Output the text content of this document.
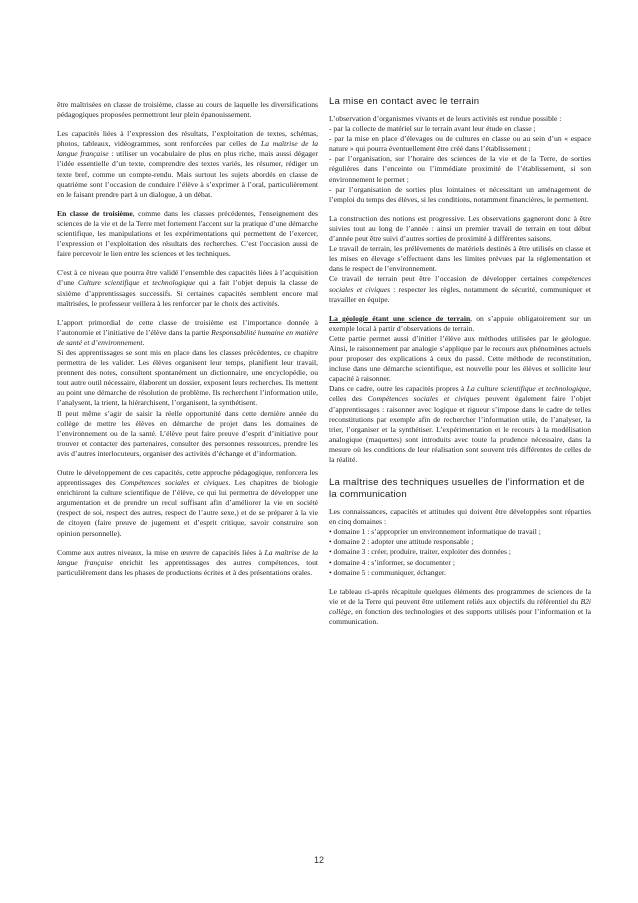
être maîtrisées en classe de troisième, classe au cours de laquelle les diversifications pédagogiques proposées permettront leur plein épanouissement.

Les capacités liées à l’expression des résultats, l’exploitation de textes, schémas, photos, tableaux, vidéogrammes, sont renforcées par celles de La maîtrise de la langue française : utiliser un vocabulaire de plus en plus riche, mais aussi dégager l’idée essentielle d’un texte, comprendre des textes variés, les résumer, rédiger un texte bref, comme un compte-rendu. Mais surtout les sujets abordés en classe de quatrième sont l’occasion de conduire l’élève à s’exprimer à l’oral, particulièrement en le faisant prendre part à un dialogue, à un débat.

En classe de troisième, comme dans les classes précédentes, l'enseignement des sciences de la vie et de la Terre met fortement l'accent sur la pratique d’une démarche scientifique, les manipulations et les expérimentations qui permettent de l’exercer, l’expression et l’exploitation des résultats des recherches. C’est l'occasion aussi de faire percevoir le lien entre les sciences et les techniques.

C'est à ce niveau que pourra être validé l’ensemble des capacités liées à l’acquisition d’une Culture scientifique et technologique qui a fait l’objet depuis la classe de sixième d’apprentissages successifs. Si certaines capacités semblent encore mal maîtrisées, le professeur veillera à les renforcer par le choix des activités.

L’apport primordial de cette classe de troisième est l’importance donnée à l’autonomie et l’initiative de l’élève dans la partie Responsabilité humaine en matière de santé et d’environnement.

Si des apprentissages se sont mis en place dans les classes précédentes, ce chapitre permettra de les valider. Les élèves organisent leur temps, planifient leur travail, prennent des notes, consultent spontanément un dictionnaire, une encyclopédie, ou tout autre outil nécessaire, élaborent un dossier, exposent leurs recherches. Ils mettent au point une démarche de résolution de problème. Ils recherchent l’information utile, l’analysent, la trient, la hiérarchisent, l’organisent, la synthétisent.

Il peut même s’agir de saisir la réelle opportunité dans cette dernière année du collège de mettre les élèves en démarche de projet dans les domaines de l’environnement ou de la santé. L’élève peut faire preuve d’esprit d’initiative pour trouver et contacter des partenaires, consulter des personnes ressources, prendre les avis d’autres interlocuteurs, organiser des activités d’échange et d’information.

Outre le développement de ces capacités, cette approche pédagogique, renforcera les apprentissages des Compétences sociales et civiques. Les chapitres de biologie enrichiront la culture scientifique de l’élève, ce qui lui permettra de développer une argumentation et de prendre un recul suffisant afin d’améliorer la vie en société (respect de soi, respect des autres, respect de l’autre sexe,) et de se préparer à la vie de citoyen (faire preuve de jugement et d’esprit critique, savoir construire son opinion personnelle).

Comme aux autres niveaux, la mise en œuvre de capacités liées à La maîtrise de la langue française enrichit les apprentissages des autres compétences, tout particulièrement dans les phases de productions écrites et à des présentations orales.

La mise en contact avec le terrain

L’observation d’organismes vivants et de leurs activités est rendue possible :

- par la collecte de matériel sur le terrain avant leur étude en classe ;

- par la mise en place d’élevages ou de cultures en classe ou au sein d’un « espace nature » qui pourra éventuellement être créé dans l’établissement ;

- par l’organisation, sur l’horaire des sciences de la vie et de la Terre, de sorties régulières dans l’enceinte ou l’immédiate proximité de l’établissement, si son environnement le permet ;

- par l’organisation de sorties plus lointaines et nécessitant un aménagement de l’emploi du temps des élèves, si les conditions, notamment financières, le permettent.

La construction des notions est progressive. Les observations gagneront donc à être suivies tout au long de l’année : ainsi un premier travail de terrain en tout début d’année peut être suivi d’autres sorties de proximité à différentes saisons.

Le travail de terrain, les prélèvements de matériels destinés à être utilisés en classe et les mises en élevage s’effectuent dans les limites prévues par la réglementation et dans le respect de l’environnement.

Ce travail de terrain peut être l’occasion de développer certaines compétences sociales et civiques : respecter les règles, notamment de sécurité, communiquer et travailler en équipe.

La géologie étant une science de terrain, on s’appuie obligatoirement sur un exemple local à partir d’observations de terrain.

Cette partie permet aussi d’initier l’élève aux méthodes utilisées par le géologue. Ainsi, le raisonnement par analogie s’applique par le recours aux phénomènes actuels pour proposer des explications à ceux du passé. Cette méthode de reconstitution, incluse dans une démarche scientifique, est nouvelle pour les élèves et sollicite leur capacité à raisonner.

Dans ce cadre, outre les capacités propres à La culture scientifique et technologique, celles des Compétences sociales et civiques peuvent également faire l’objet d’apprentissages : raisonner avec logique et rigueur s’impose dans le cadre de telles reconstitutions par exemple afin de rechercher l’information utile, de l’analyser, la trier, l’organiser et la synthétiser. L’expérimentation et le recours à la modélisation analogique (maquettes) sont introduits avec toute la prudence nécessaire, dans la mesure où les conditions de leur réalisation sont souvent très différentes de celles de la réalité.

La maîtrise des techniques usuelles de l’information et de la communication

Les connaissances, capacités et attitudes qui doivent être développées sont réparties en cinq domaines :

• domaine 1 : s’approprier un environnement informatique de travail ;

• domaine 2 : adopter une attitude responsable ;

• domaine 3 : créer, produire, traiter, exploiter des données ;

• domaine 4 : s’informer, se documenter ;

• domaine 5 : communiquer, échanger.

Le tableau ci-après récapitule quelques éléments des programmes de sciences de la vie et de la Terre qui peuvent être utilement reliés aux objectifs du référentiel du B2i collège, en fonction des technologies et des supports utilisés pour l’information et la communication.

12
